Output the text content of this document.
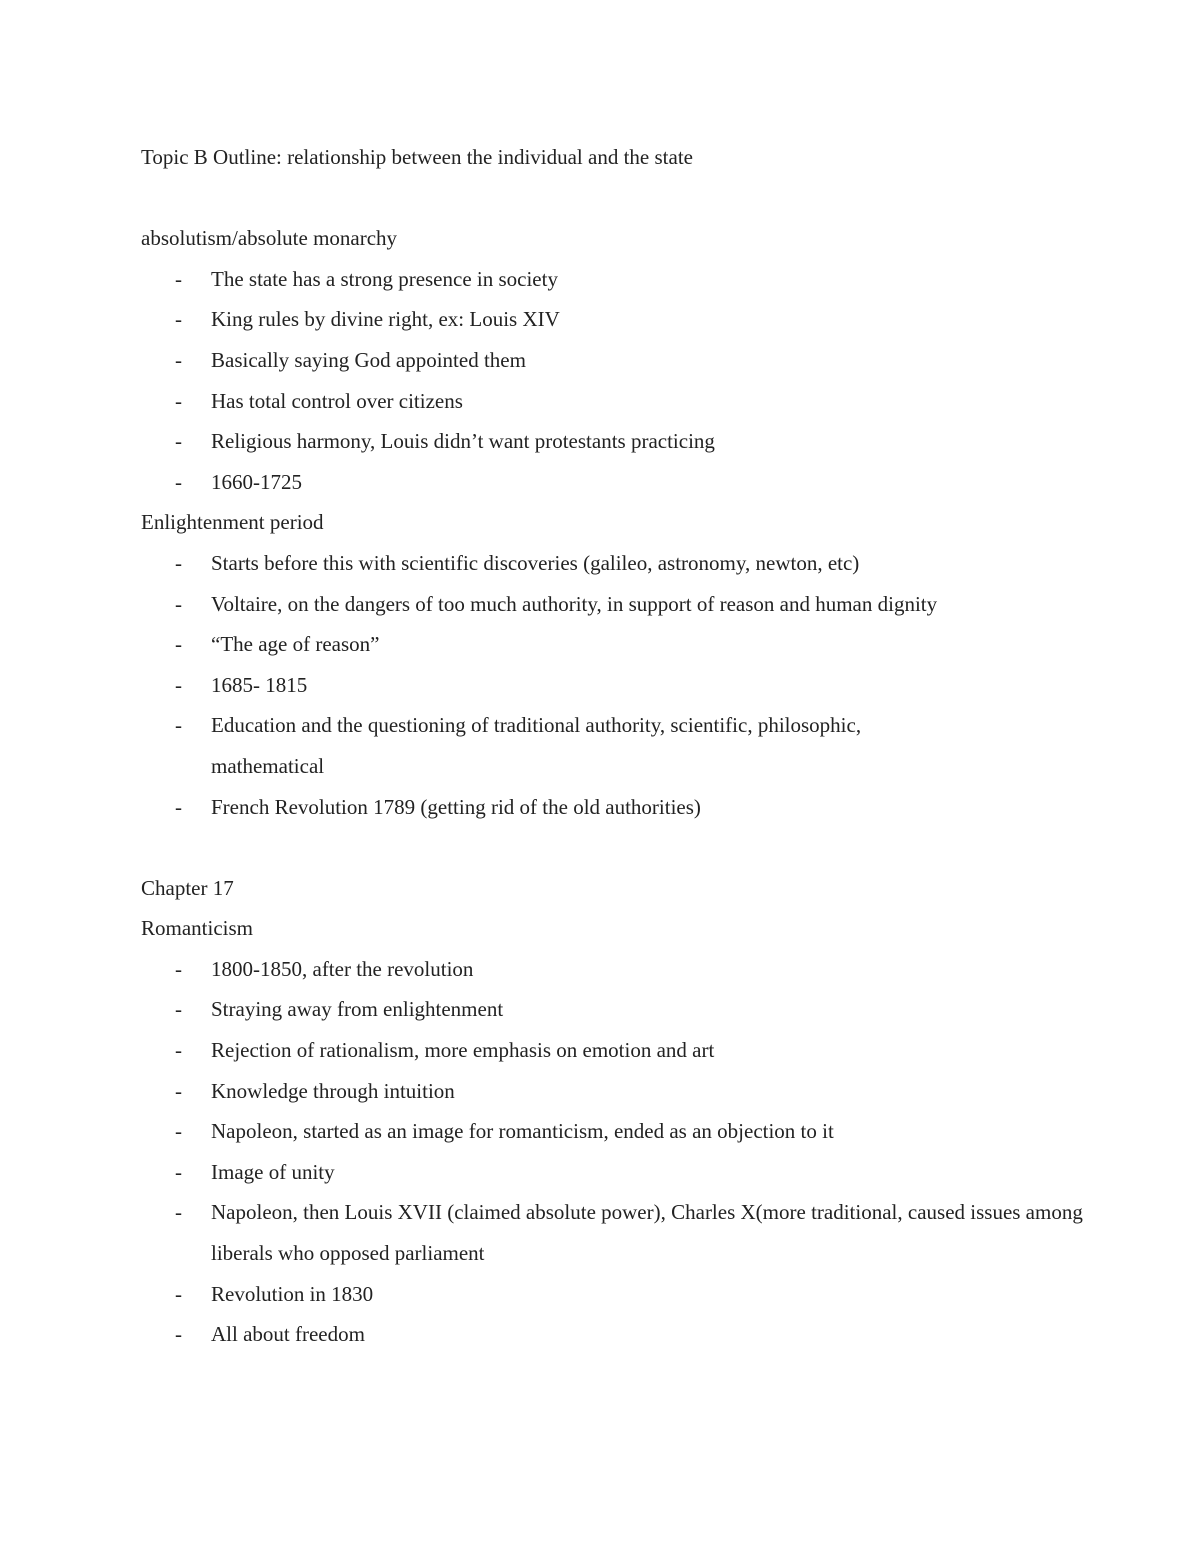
Topic B Outline: relationship between the individual and the state

absolutism/absolute monarchy

- The state has a strong presence in society
- King rules by divine right, ex: Louis XIV
- Basically saying God appointed them
- Has total control over citizens
- Religious harmony, Louis didn’t want protestants practicing
- 1660-1725

Enlightenment period

- Starts before this with scientific discoveries (galileo, astronomy, newton, etc)
- Voltaire, on the dangers of too much authority, in support of reason and human dignity
- “The age of reason”
- 1685- 1815
- Education and the questioning of traditional authority, scientific, philosophic, mathematical
- French Revolution 1789 (getting rid of the old authorities)

Chapter 17

Romanticism

- 1800-1850, after the revolution
- Straying away from enlightenment
- Rejection of rationalism, more emphasis on emotion and art
- Knowledge through intuition
- Napoleon, started as an image for romanticism, ended as an objection to it
- Image of unity
- Napoleon, then Louis XVII (claimed absolute power), Charles X(more traditional, caused issues among liberals who opposed parliament
- Revolution in 1830
- All about freedom
